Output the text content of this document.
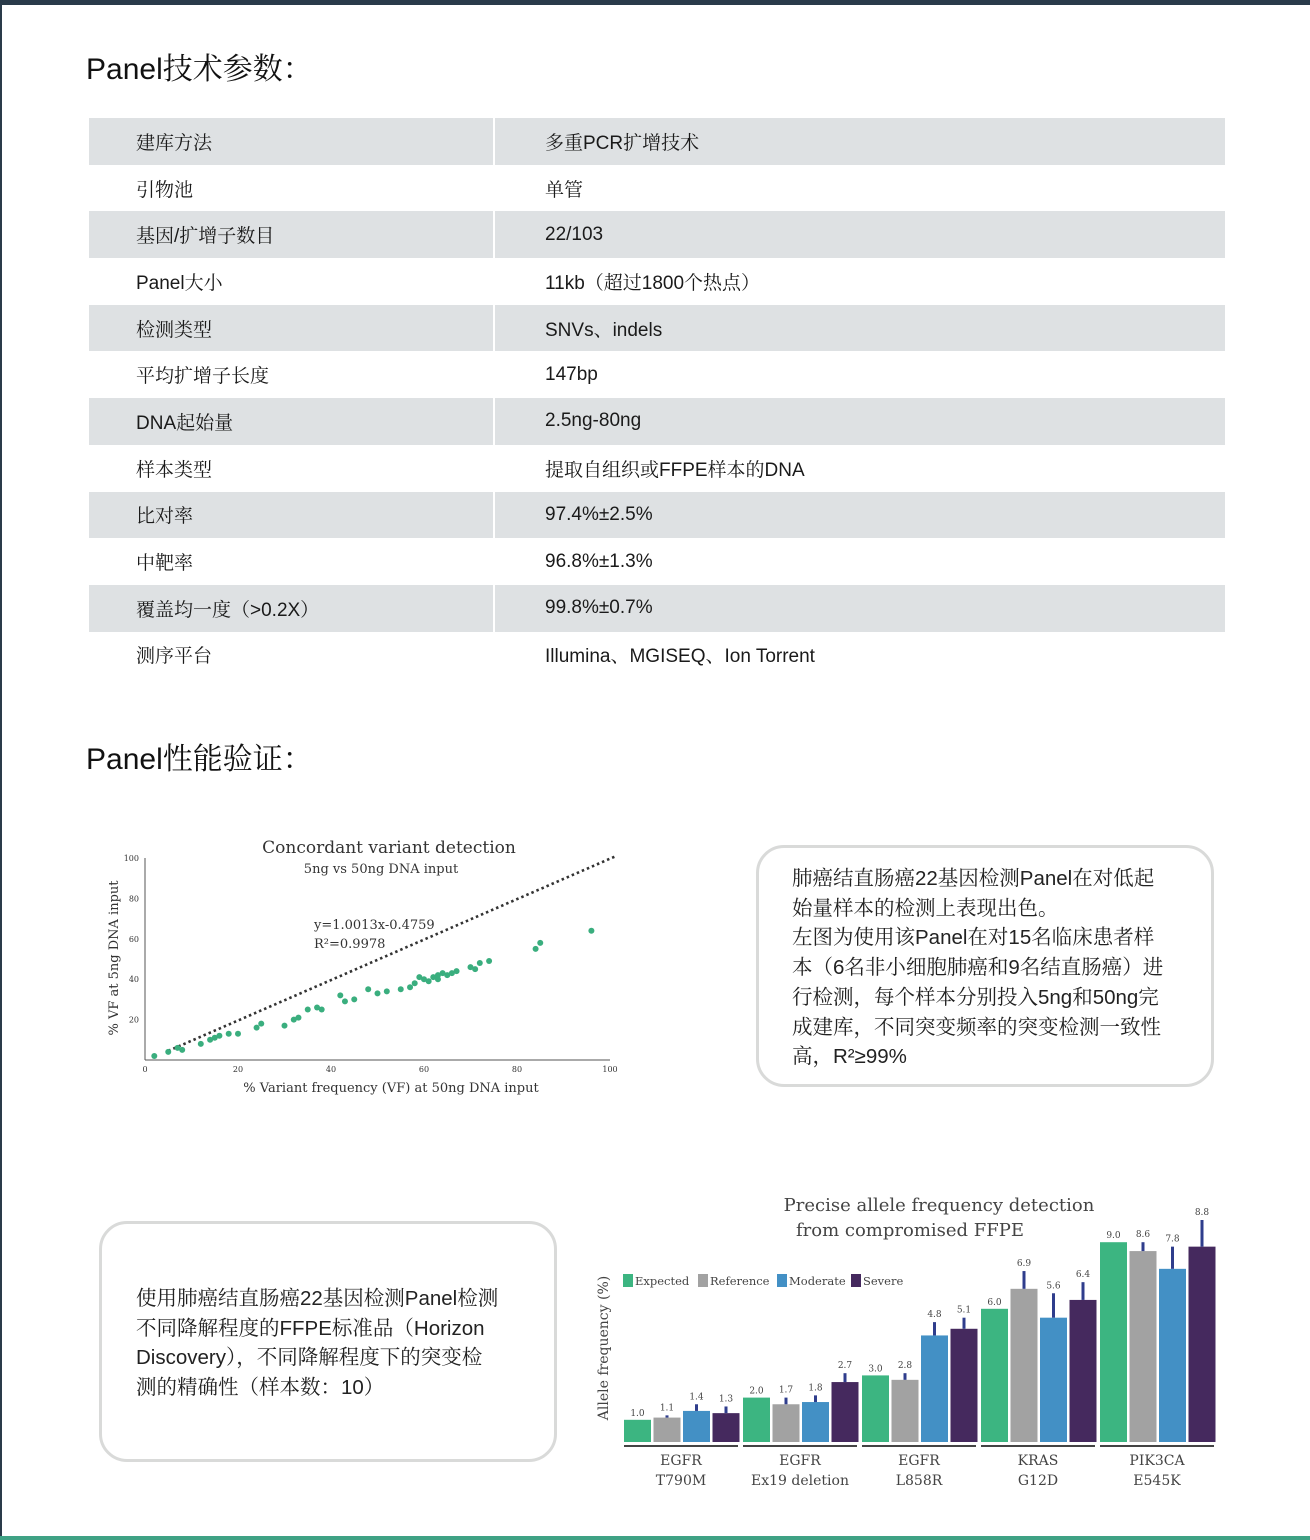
Panel技术参数：
建库方法	多重PCR扩增技术
引物池	单管
基因/扩增子数目	22/103
Panel大小	11kb（超过1800个热点）
检测类型	SNVs、indels
平均扩增子长度	147bp
DNA起始量	2.5ng-80ng
样本类型	提取自组织或FFPE样本的DNA
比对率	97.4%±2.5%
中靶率	96.8%±1.3%
覆盖均一度（>0.2X）	99.8%±0.7%
测序平台	Illumina、MGISEQ、Ion Torrent
Panel性能验证：
Concordant variant detection
5ng vs 50ng DNA input
0	20	40	60	80	100
20
40
60
80
100
y=1.0013x-0.4759
R²=0.9978
% Variant frequency (VF) at 50ng DNA input
% VF at 5ng DNA input

肺癌结直肠癌22基因检测Panel在对低起

始量样本的检测上表现出色。

左图为使用该Panel在对15名临床患者样

本（6名非小细胞肺癌和9名结直肠癌）进

行检测，每个样本分别投入5ng和50ng完

成建库，不同突变频率的突变检测一致性

高，R²≥99%

使用肺癌结直肠癌22基因检测Panel检测

不同降解程度的FFPE标准品（Horizon

Discovery），不同降解程度下的突变检

测的精确性（样本数：10）

Precise allele frequency detection
from compromised FFPE
Allele frequency (%) Expected Reference Moderate Severe
1.0
1.1
1.4 1.3
EGFR
T790M
2.0 1.7 1.8
2.7
EGFR
Ex19 deletion
3.0 2.8
4.8 5.1
EGFR
L858R
6.0
6.9
5.6
6.4
KRAS
G12D
9.0 8.6 7.8
8.8
PIK3CA
E545K
